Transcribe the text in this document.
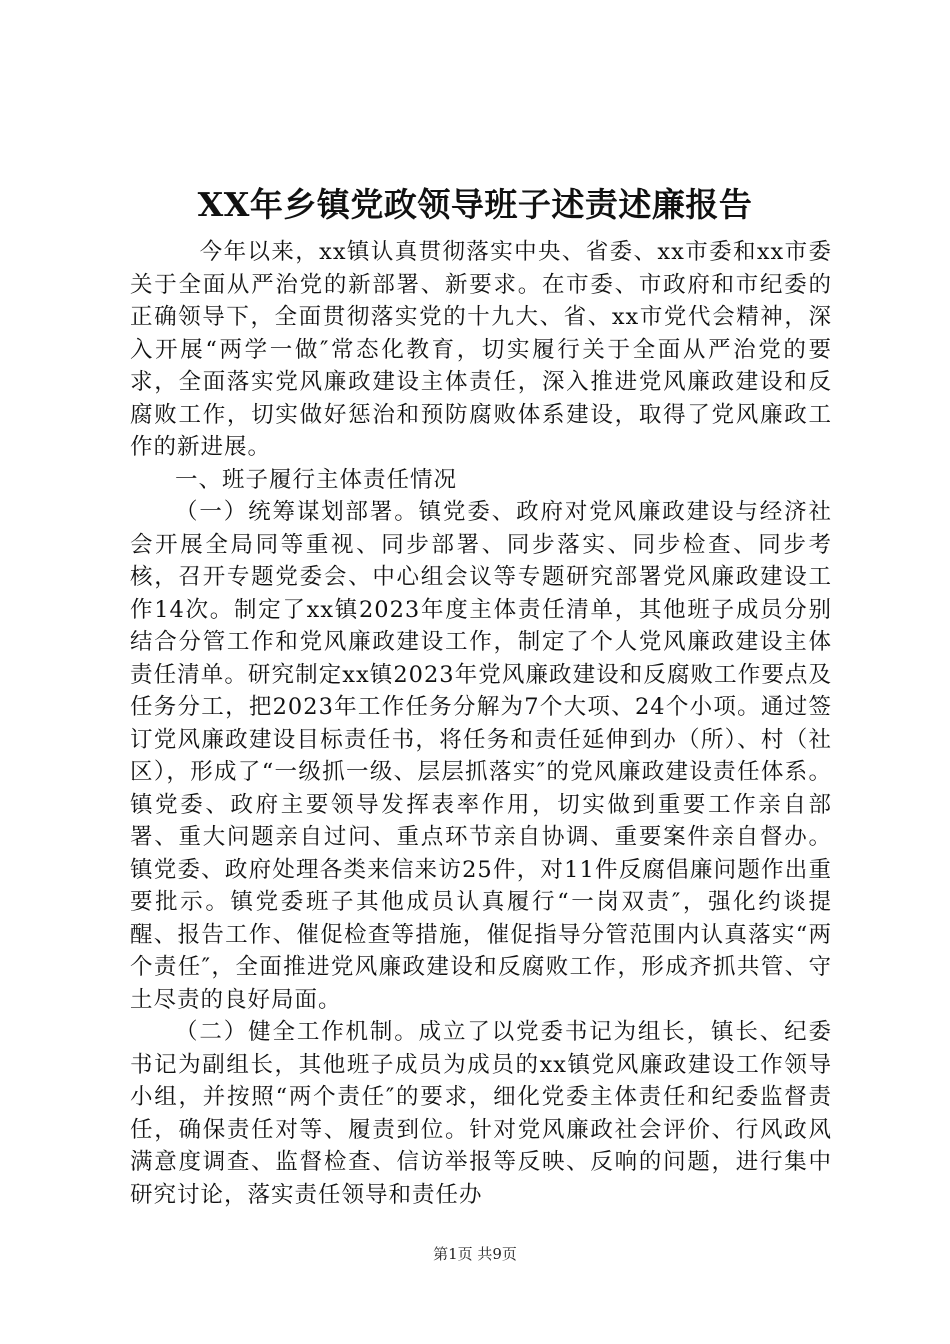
XX年乡镇党政领导班子述责述廉报告

今年以来，xx镇认真贯彻落实中央、省委、xx市委和xx市委关于全面从严治党的新部署、新要求。在市委、市政府和市纪委的正确领导下，全面贯彻落实党的十九大、省、xx市党代会精神，深入开展“两学一做″常态化教育，切实履行关于全面从严治党的要求，全面落实党风廉政建设主体责任，深入推进党风廉政建设和反腐败工作，切实做好惩治和预防腐败体系建设，取得了党风廉政工作的新进展。

一、班子履行主体责任情况

（一）统筹谋划部署。镇党委、政府对党风廉政建设与经济社会开展全局同等重视、同步部署、同步落实、同步检查、同步考核，召开专题党委会、中心组会议等专题研究部署党风廉政建设工作14次。制定了xx镇2023年度主体责任清单，其他班子成员分别结合分管工作和党风廉政建设工作，制定了个人党风廉政建设主体责任清单。研究制定xx镇2023年党风廉政建设和反腐败工作要点及任务分工，把2023年工作任务分解为7个大项、24个小项。通过签订党风廉政建设目标责任书，将任务和责任延伸到办（所）、村（社区），形成了“一级抓一级、层层抓落实″的党风廉政建设责任体系。镇党委、政府主要领导发挥表率作用，切实做到重要工作亲自部署、重大问题亲自过问、重点环节亲自协调、重要案件亲自督办。镇党委、政府处理各类来信来访25件，对11件反腐倡廉问题作出重要批示。镇党委班子其他成员认真履行“一岗双责″，强化约谈提醒、报告工作、催促检查等措施，催促指导分管范围内认真落实“两个责任″，全面推进党风廉政建设和反腐败工作，形成齐抓共管、守土尽责的良好局面。

（二）健全工作机制。成立了以党委书记为组长，镇长、纪委书记为副组长，其他班子成员为成员的xx镇党风廉政建设工作领导小组，并按照“两个责任″的要求，细化党委主体责任和纪委监督责任，确保责任对等、履责到位。针对党风廉政社会评价、行风政风满意度调查、监督检查、信访举报等反映、反响的问题，进行集中研究讨论，落实责任领导和责任办

第1页 共9页
